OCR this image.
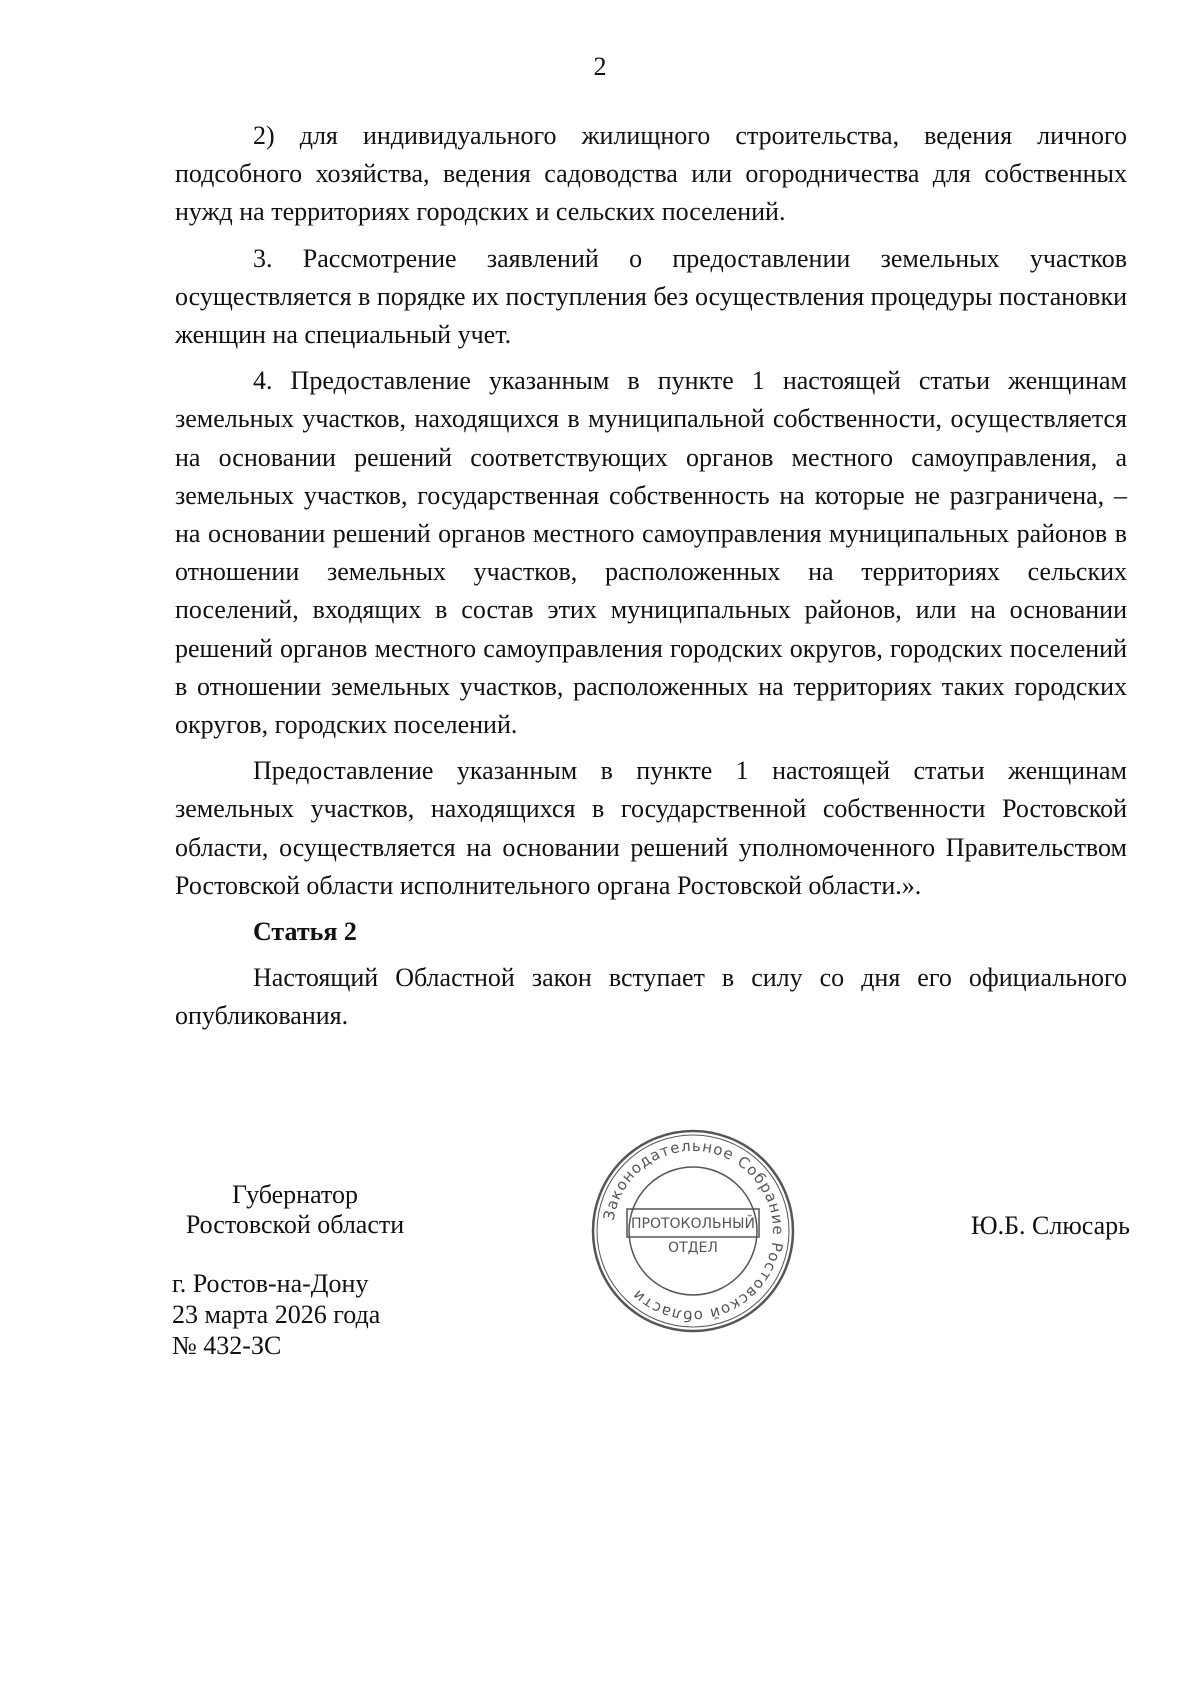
2

2) для индивидуального жилищного строительства, ведения личного подсобного хозяйства, ведения садоводства или огородничества для собственных нужд на территориях городских и сельских поселений.

3. Рассмотрение заявлений о предоставлении земельных участков осуществляется в порядке их поступления без осуществления процедуры постановки женщин на специальный учет.

4. Предоставление указанным в пункте 1 настоящей статьи женщинам земельных участков, находящихся в муниципальной собственности, осуществляется на основании решений соответствующих органов местного самоуправления, а земельных участков, государственная собственность на которые не разграничена, – на основании решений органов местного самоуправления муниципальных районов в отношении земельных участков, расположенных на территориях сельских поселений, входящих в состав этих муниципальных районов, или на основании решений органов местного самоуправления городских округов, городских поселений в отношении земельных участков, расположенных на территориях таких городских округов, городских поселений.

Предоставление указанным в пункте 1 настоящей статьи женщинам земельных участков, находящихся в государственной собственности Ростовской области, осуществляется на основании решений уполномоченного Правительством Ростовской области исполнительного органа Ростовской области.».

Статья 2

Настоящий Областной закон вступает в силу со дня его официального опубликования.

Губернатор
Ростовской области	Законодательное Собрание Ростовской области
ПРОТОКОЛЬНЫЙ
ОТДЕЛ
Ю.Б. Слюсарь
г. Ростов-на-Дону
23 марта 2026 года
№ 432-ЗС
